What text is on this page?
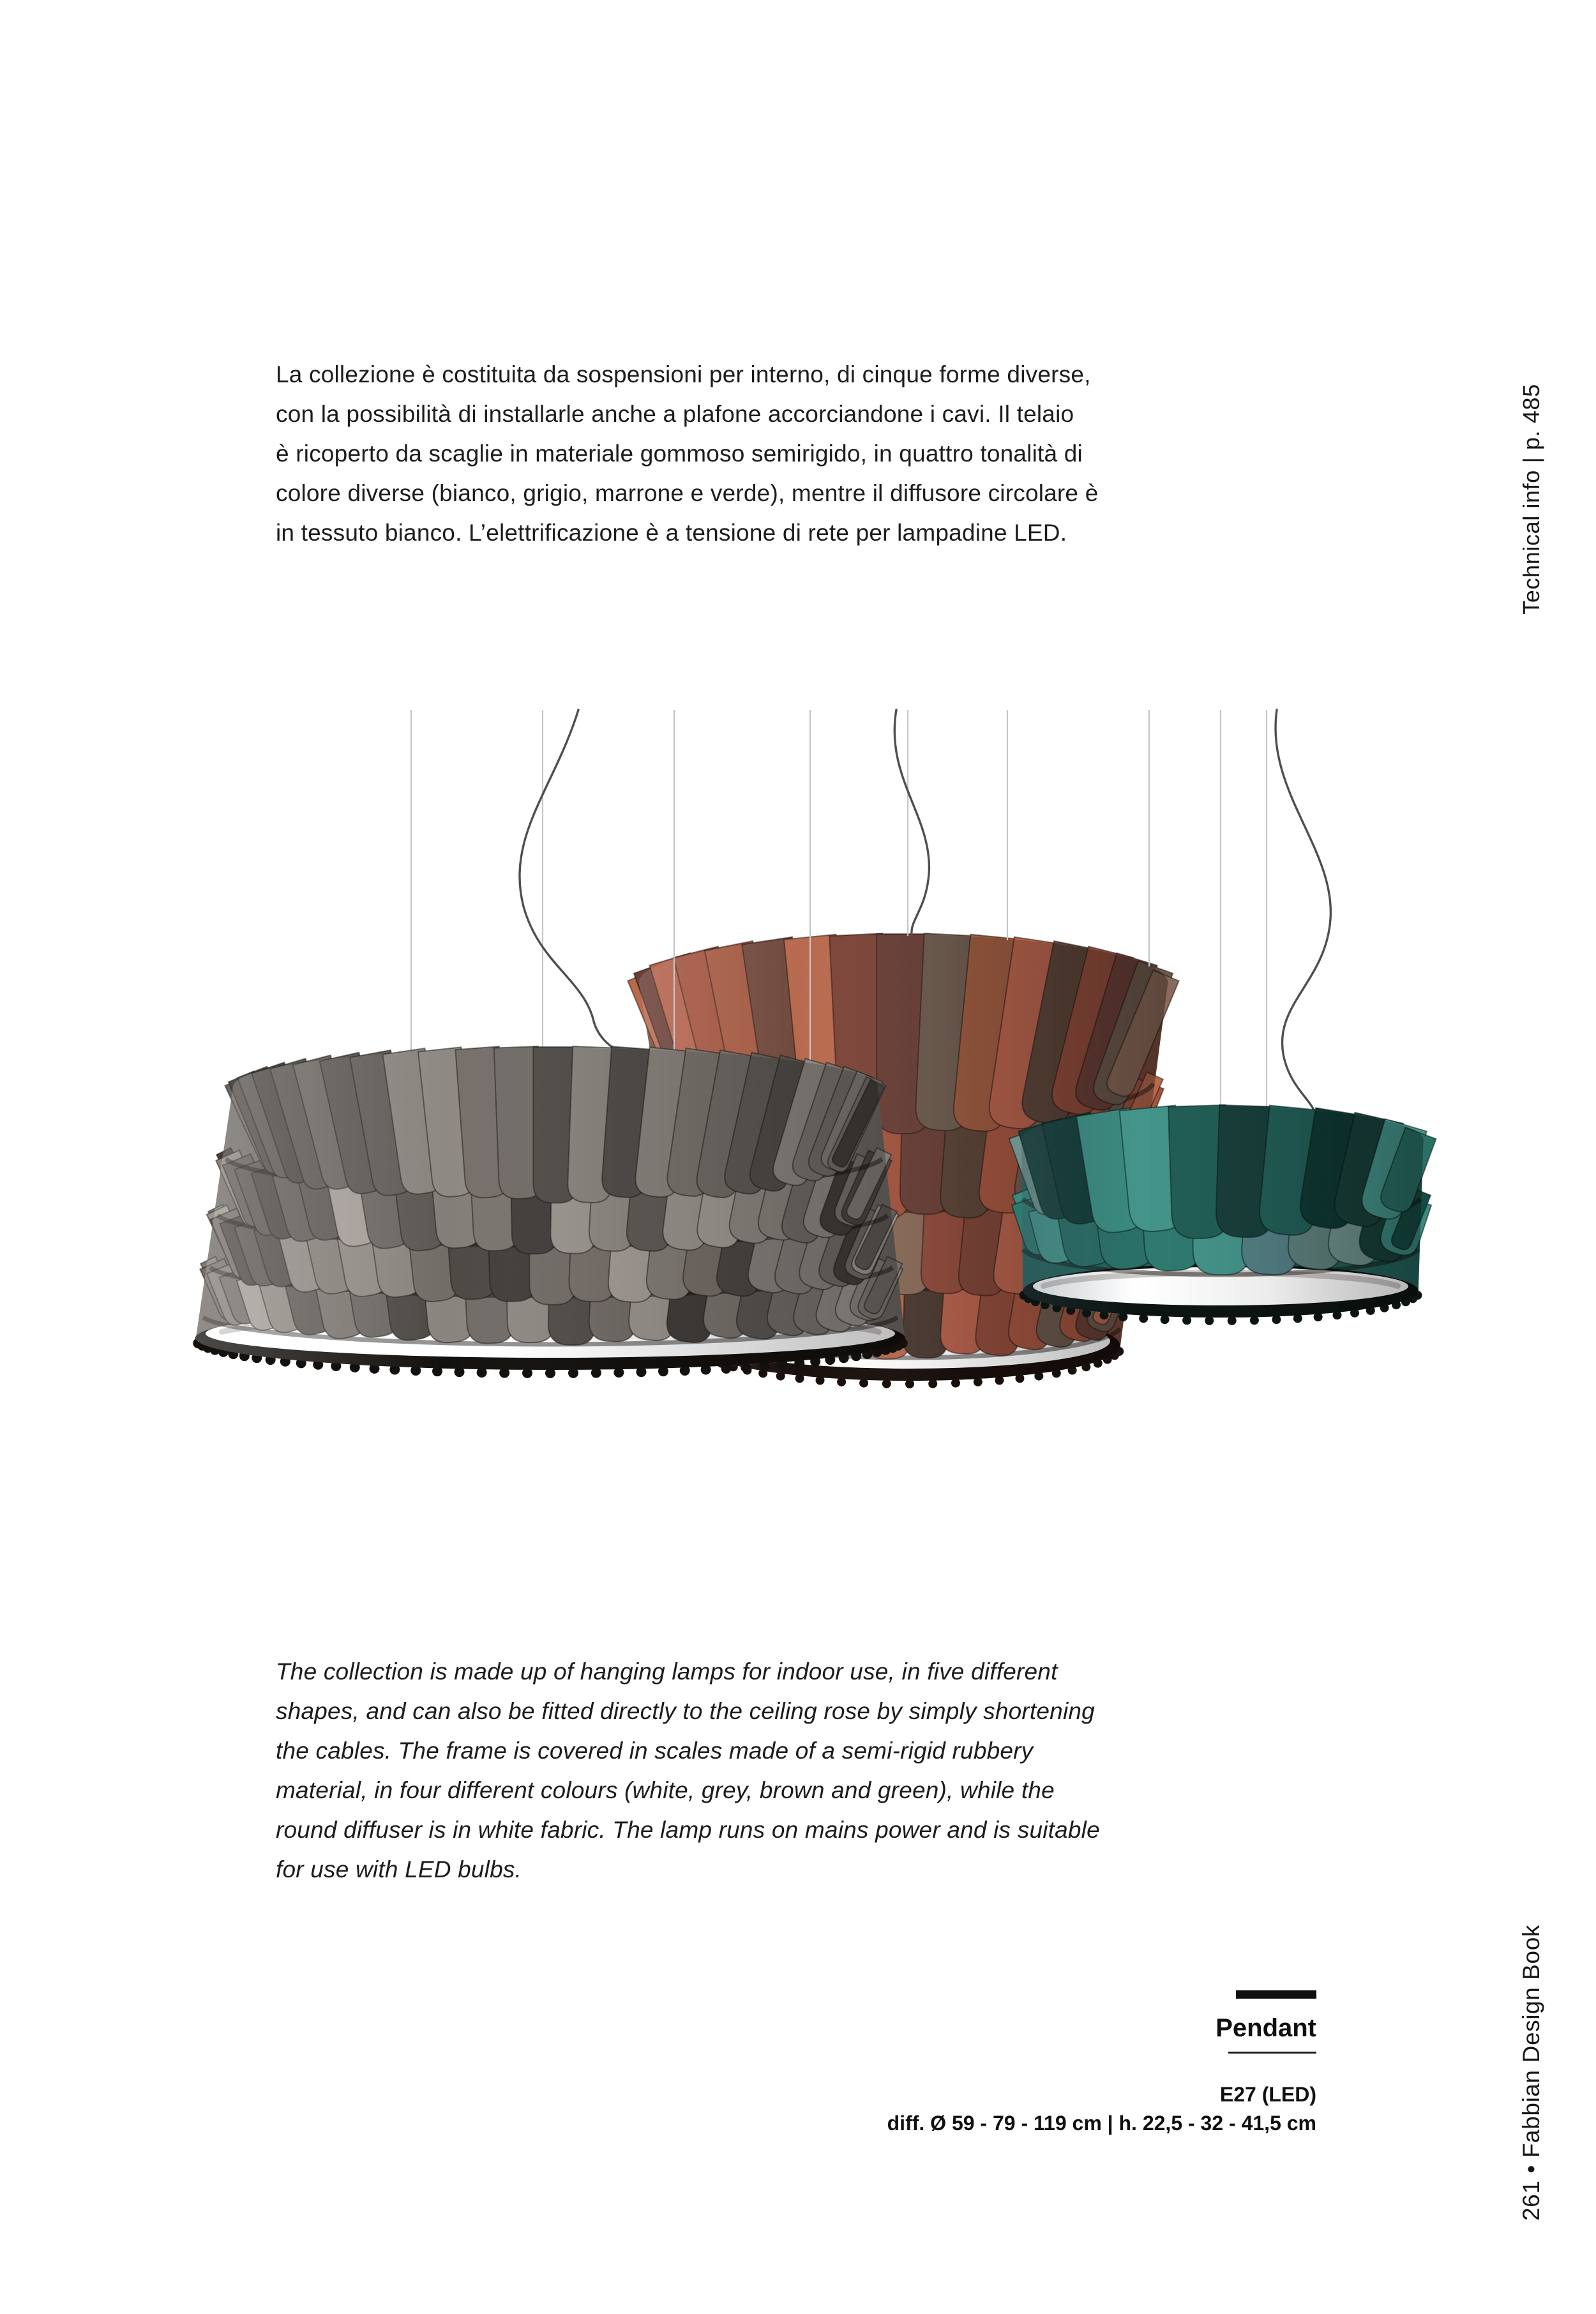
La collezione è costituita da sospensioni per interno, di cinque forme diverse,
con la possibilità di installarle anche a plafone accorciandone i cavi. Il telaio
è ricoperto da scaglie in materiale gommoso semirigido, in quattro tonalità di
colore diverse (bianco, grigio, marrone e verde), mentre il diffusore circolare è
in tessuto bianco. L’elettrificazione è a tensione di rete per lampadine LED.	Technical info | p. 485
The collection is made up of hanging lamps for indoor use, in five different
shapes, and can also be fitted directly to the ceiling rose by simply shortening
the cables. The frame is covered in scales made of a semi-rigid rubbery
material, in four different colours (white, grey, brown and green), while the
round diffuser is in white fabric. The lamp runs on mains power and is suitable
for use with LED bulbs.
Pendant
E27 (LED)
diff. Ø 59 - 79 - 119 cm | h. 22,5 - 32 - 41,5 cm	261 • Fabbian Design Book
